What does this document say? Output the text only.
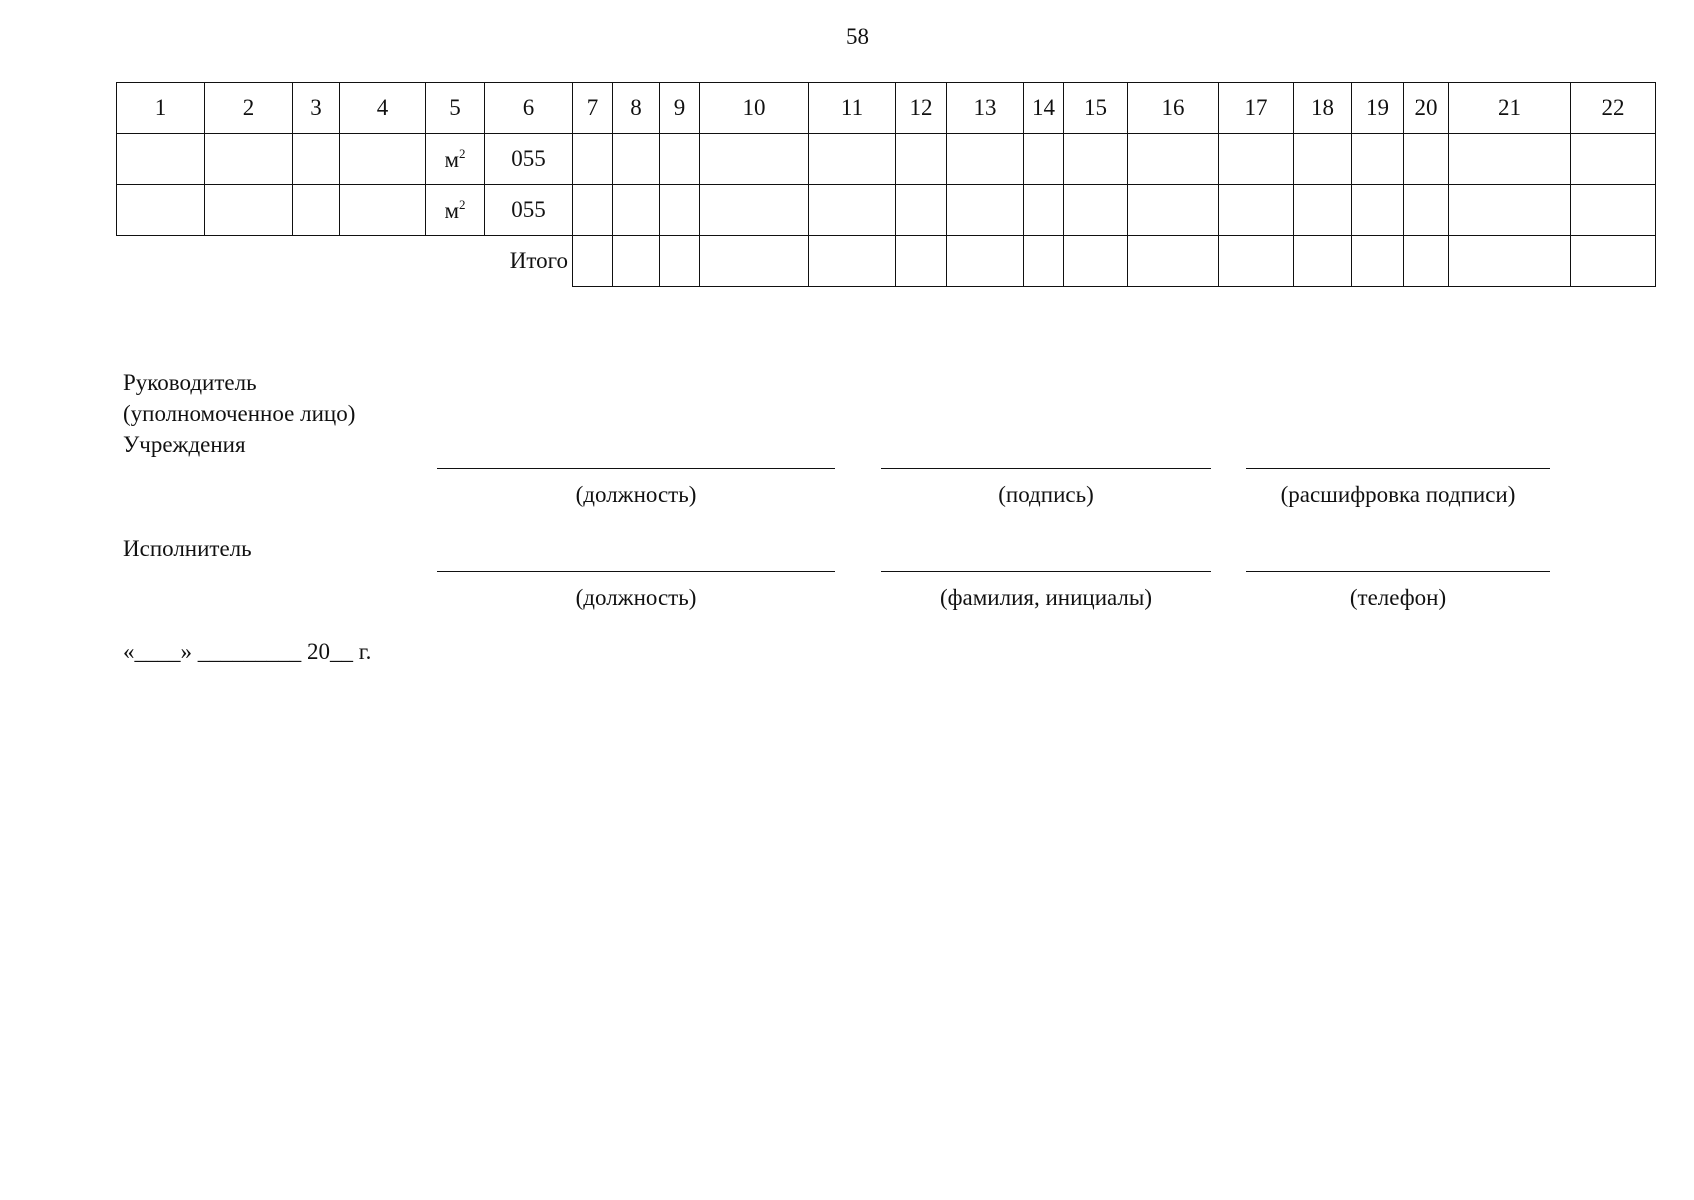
58
1	2	3	4	5	6	7	8	9	10	11	12	13	14	15	16	17	18	19	20	21	22
				$м^2$	055																
				$м^2$	055																
					Итого																
Руководитель
(уполномоченное лицо)
Учреждения
(должность)	(подпись)	(расшифровка подписи)
Исполнитель
(должность)	(фамилия, инициалы)	(телефон)
«____» _________ 20__ г.
